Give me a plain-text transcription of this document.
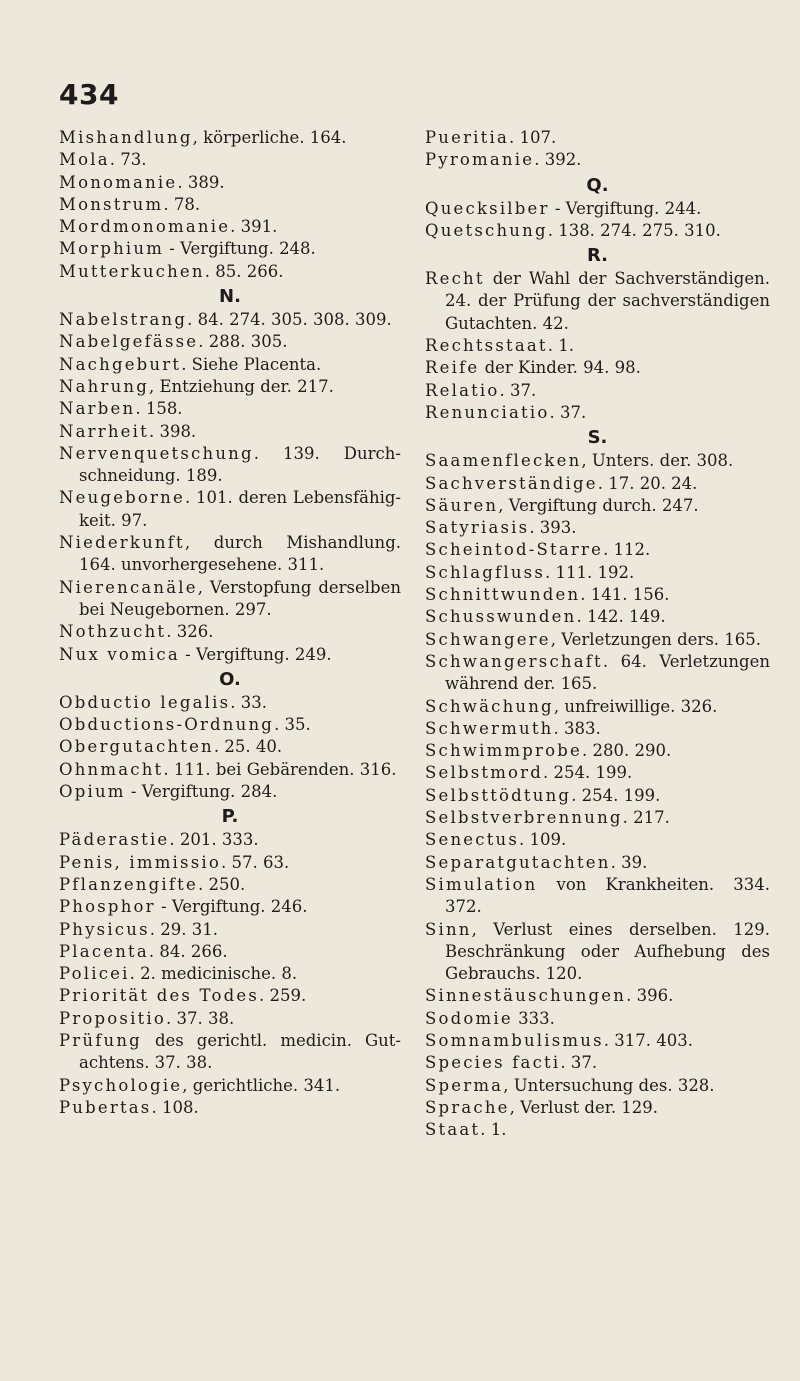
434

Mishandlung, körperliche. 164.

Mola. 73.

Monomanie. 389.

Monstrum. 78.

Mordmonomanie. 391.

Morphium - Vergiftung. 248.

Mutterkuchen. 85. 266.

N.

Nabelstrang. 84. 274. 305. 308. 309.

Nabelgefässe. 288. 305.

Nachgeburt. Siehe Placenta.

Nahrung, Entziehung der. 217.

Narben. 158.

Narrheit. 398.

Nervenquetschung. 139. Durch-schneidung. 189.

Neugeborne. 101. deren Lebensfähig-keit. 97.

Niederkunft, durch Mishandlung. 164. unvorhergesehene. 311.

Nierencanäle, Verstopfung derselben bei Neugebornen. 297.

Nothzucht. 326.

Nux vomica - Vergiftung. 249.

O.

Obductio legalis. 33.

Obductions-Ordnung. 35.

Obergutachten. 25. 40.

Ohnmacht. 111. bei Gebärenden. 316.

Opium - Vergiftung. 284.

P.

Päderastie. 201. 333.

Penis, immissio. 57. 63.

Pflanzengifte. 250.

Phosphor - Vergiftung. 246.

Physicus. 29. 31.

Placenta. 84. 266.

Policei. 2. medicinische. 8.

Priorität des Todes. 259.

Propositio. 37. 38.

Prüfung des gerichtl. medicin. Gut-achtens. 37. 38.

Psychologie, gerichtliche. 341.

Pubertas. 108.

Pueritia. 107.

Pyromanie. 392.

Q.

Quecksilber - Vergiftung. 244.

Quetschung. 138. 274. 275. 310.

R.

Recht der Wahl der Sachverständigen. 24. der Prüfung der sachverständigen Gutachten. 42.

Rechtsstaat. 1.

Reife der Kinder. 94. 98.

Relatio. 37.

Renunciatio. 37.

S.

Saamenflecken, Unters. der. 308.

Sachverständige. 17. 20. 24.

Säuren, Vergiftung durch. 247.

Satyriasis. 393.

Scheintod-Starre. 112.

Schlagfluss. 111. 192.

Schnittwunden. 141. 156.

Schusswunden. 142. 149.

Schwangere, Verletzungen ders. 165.

Schwangerschaft. 64. Verletzungen während der. 165.

Schwächung, unfreiwillige. 326.

Schwermuth. 383.

Schwimmprobe. 280. 290.

Selbstmord. 254. 199.

Selbsttödtung. 254. 199.

Selbstverbrennung. 217.

Senectus. 109.

Separatgutachten. 39.

Simulation von Krankheiten. 334. 372.

Sinn, Verlust eines derselben. 129. Beschränkung oder Aufhebung des Gebrauchs. 120.

Sinnestäuschungen. 396.

Sodomie 333.

Somnambulismus. 317. 403.

Species facti. 37.

Sperma, Untersuchung des. 328.

Sprache, Verlust der. 129.

Staat. 1.
